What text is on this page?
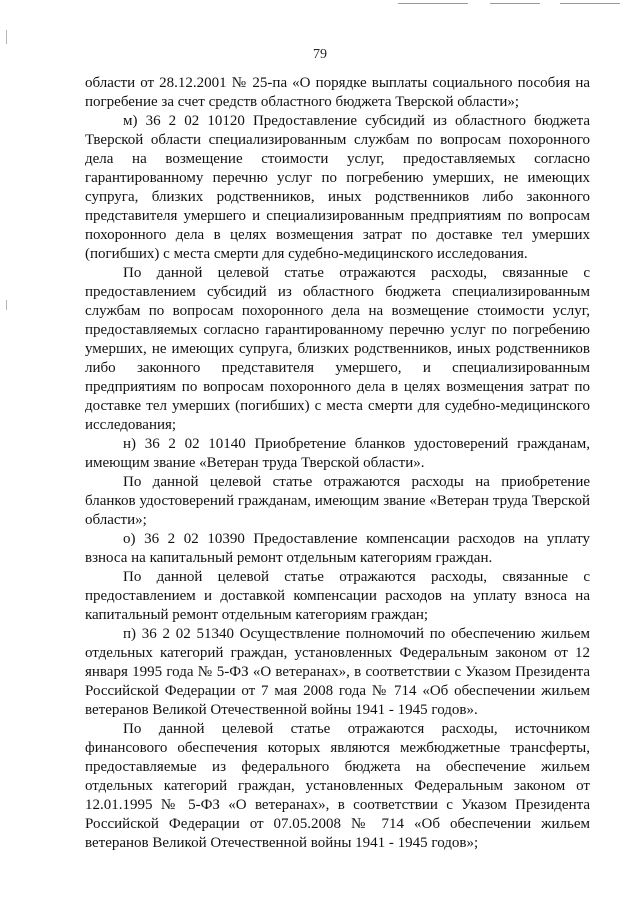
79

области от 28.12.2001 № 25-па «О порядке выплаты социального пособия на погребение за счет средств областного бюджета Тверской области»;

м) 36 2 02 10120 Предоставление субсидий из областного бюджета Тверской области специализированным службам по вопросам похоронного дела на возмещение стоимости услуг, предоставляемых согласно гарантированному перечню услуг по погребению умерших, не имеющих супруга, близких родственников, иных родственников либо законного представителя умершего и специализированным предприятиям по вопросам похоронного дела в целях возмещения затрат по доставке тел умерших (погибших) с места смерти для судебно-медицинского исследования.

По данной целевой статье отражаются расходы, связанные с предоставлением субсидий из областного бюджета специализированным службам по вопросам похоронного дела на возмещение стоимости услуг, предоставляемых согласно гарантированному перечню услуг по погребению умерших, не имеющих супруга, близких родственников, иных родственников либо законного представителя умершего, и специализированным предприятиям по вопросам похоронного дела в целях возмещения затрат по доставке тел умерших (погибших) с места смерти для судебно-медицинского исследования;

н) 36 2 02 10140 Приобретение бланков удостоверений гражданам, имеющим звание «Ветеран труда Тверской области».

По данной целевой статье отражаются расходы на приобретение бланков удостоверений гражданам, имеющим звание «Ветеран труда Тверской области»;

о) 36 2 02 10390 Предоставление компенсации расходов на уплату взноса на капитальный ремонт отдельным категориям граждан.

По данной целевой статье отражаются расходы, связанные с предоставлением и доставкой компенсации расходов на уплату взноса на капитальный ремонт отдельным категориям граждан;

п) 36 2 02 51340 Осуществление полномочий по обеспечению жильем отдельных категорий граждан, установленных Федеральным законом от 12 января 1995 года № 5-ФЗ «О ветеранах», в соответствии с Указом Президента Российской Федерации от 7 мая 2008 года № 714 «Об обеспечении жильем ветеранов Великой Отечественной войны 1941 - 1945 годов».

По данной целевой статье отражаются расходы, источником финансового обеспечения которых являются межбюджетные трансферты, предоставляемые из федерального бюджета на обеспечение жильем отдельных категорий граждан, установленных Федеральным законом от 12.01.1995 № 5-ФЗ «О ветеранах», в соответствии с Указом Президента Российской Федерации от 07.05.2008 № 714 «Об обеспечении жильем ветеранов Великой Отечественной войны 1941 - 1945 годов»;
